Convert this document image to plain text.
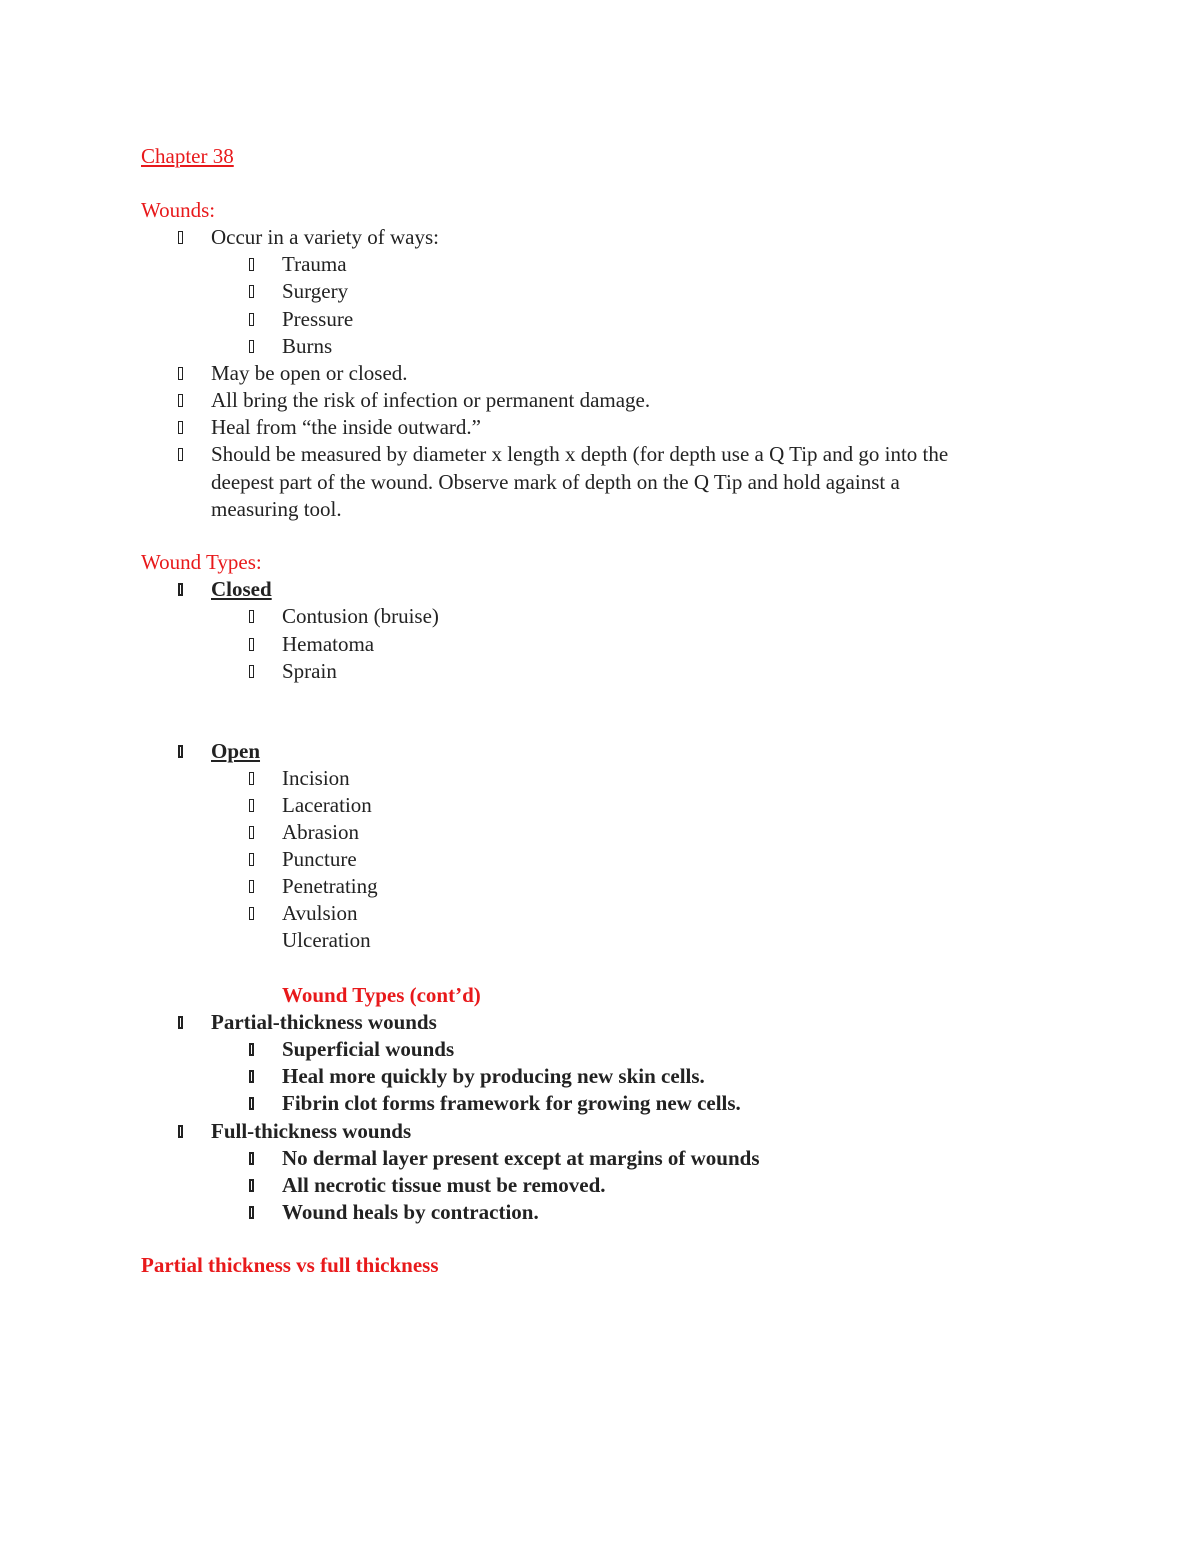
Chapter 38
Wounds:
Occur in a variety of ways:
Trauma
Surgery
Pressure
Burns
May be open or closed.
All bring the risk of infection or permanent damage.
Heal from “the inside outward.”
Should be measured by diameter x length x depth (for depth use a Q Tip and go into the
deepest part of the wound. Observe mark of depth on the Q Tip and hold against a
measuring tool.
Wound Types:
Closed
Contusion (bruise)
Hematoma
Sprain
Open
Incision
Laceration
Abrasion
Puncture
Penetrating
Avulsion
Ulceration
Wound Types (cont’d)
Partial-thickness wounds
Superficial wounds
Heal more quickly by producing new skin cells.
Fibrin clot forms framework for growing new cells.
Full-thickness wounds
No dermal layer present except at margins of wounds
All necrotic tissue must be removed.
Wound heals by contraction.
Partial thickness vs full thickness
